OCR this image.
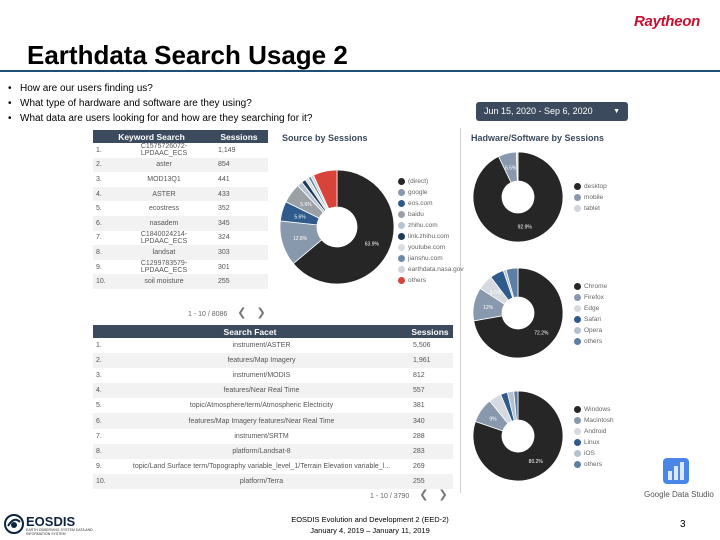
Raytheon
Earthdata Search Usage 2
• How are our users finding us?
• What type of hardware and software are they using?
• What data are users looking for and how are they searching for it?
Jun 15, 2020 - Sep 6, 2020	▼
Keyword Search		Sessions
1.	C1575726072-LPDAAC_ECS	1,149
2.	aster	854
3.	MOD13Q1	441
4.	ASTER	433
5.	ecostress	352
6.	nasadem	345
7.	C1840024214-LPDAAC_ECS	324
8.	landsat	303
9.	C1299783579-LPDAAC_ECS	301
10.	soil moisture	255
1 - 10 / 8086 ❮ ❯
Search Facet		Sessions
1.	instrument/ASTER	5,506
2.	features/Map Imagery	1,961
3.	instrument/MODIS	812
4.	features/Near Real Time	557
5.	topic/Atmosphere/term/Atmospheric Electricity	381
6.	features/Map Imagery features/Near Real Time	340
7.	instrument/SRTM	288
8.	platform/Landsat-8	283
9.	topic/Land Surface term/Topography variable_level_1/Terrain Elevation variable_l...	269
10.	platform/Terra	255
1 - 10 / 3790 ❮ ❯
Source by Sessions	Hadware/Software by Sessions
63.9%
12.8%
5.6%
5.6%
92.9%
6.5%
72.2%
12%
5.5%
80.2%
9%
(direct)
google
eos.com
baidu
zhihu.com
link.zhihu.com
youtube.com
jianshu.com
earthdata.nasa.gov
others
desktop
mobile
tablet
Chrome
Firefox
Edge
Safari
Opera
others
Windows
Macintosh
Android
Linux
iOS
others
Google Data Studio
EOSDIS
EARTH OBSERVING SYSTEM DATA AND INFORMATION SYSTEM
EOSDIS Evolution and Development 2 (EED-2)
January 4, 2019 – January 11, 2019
3
